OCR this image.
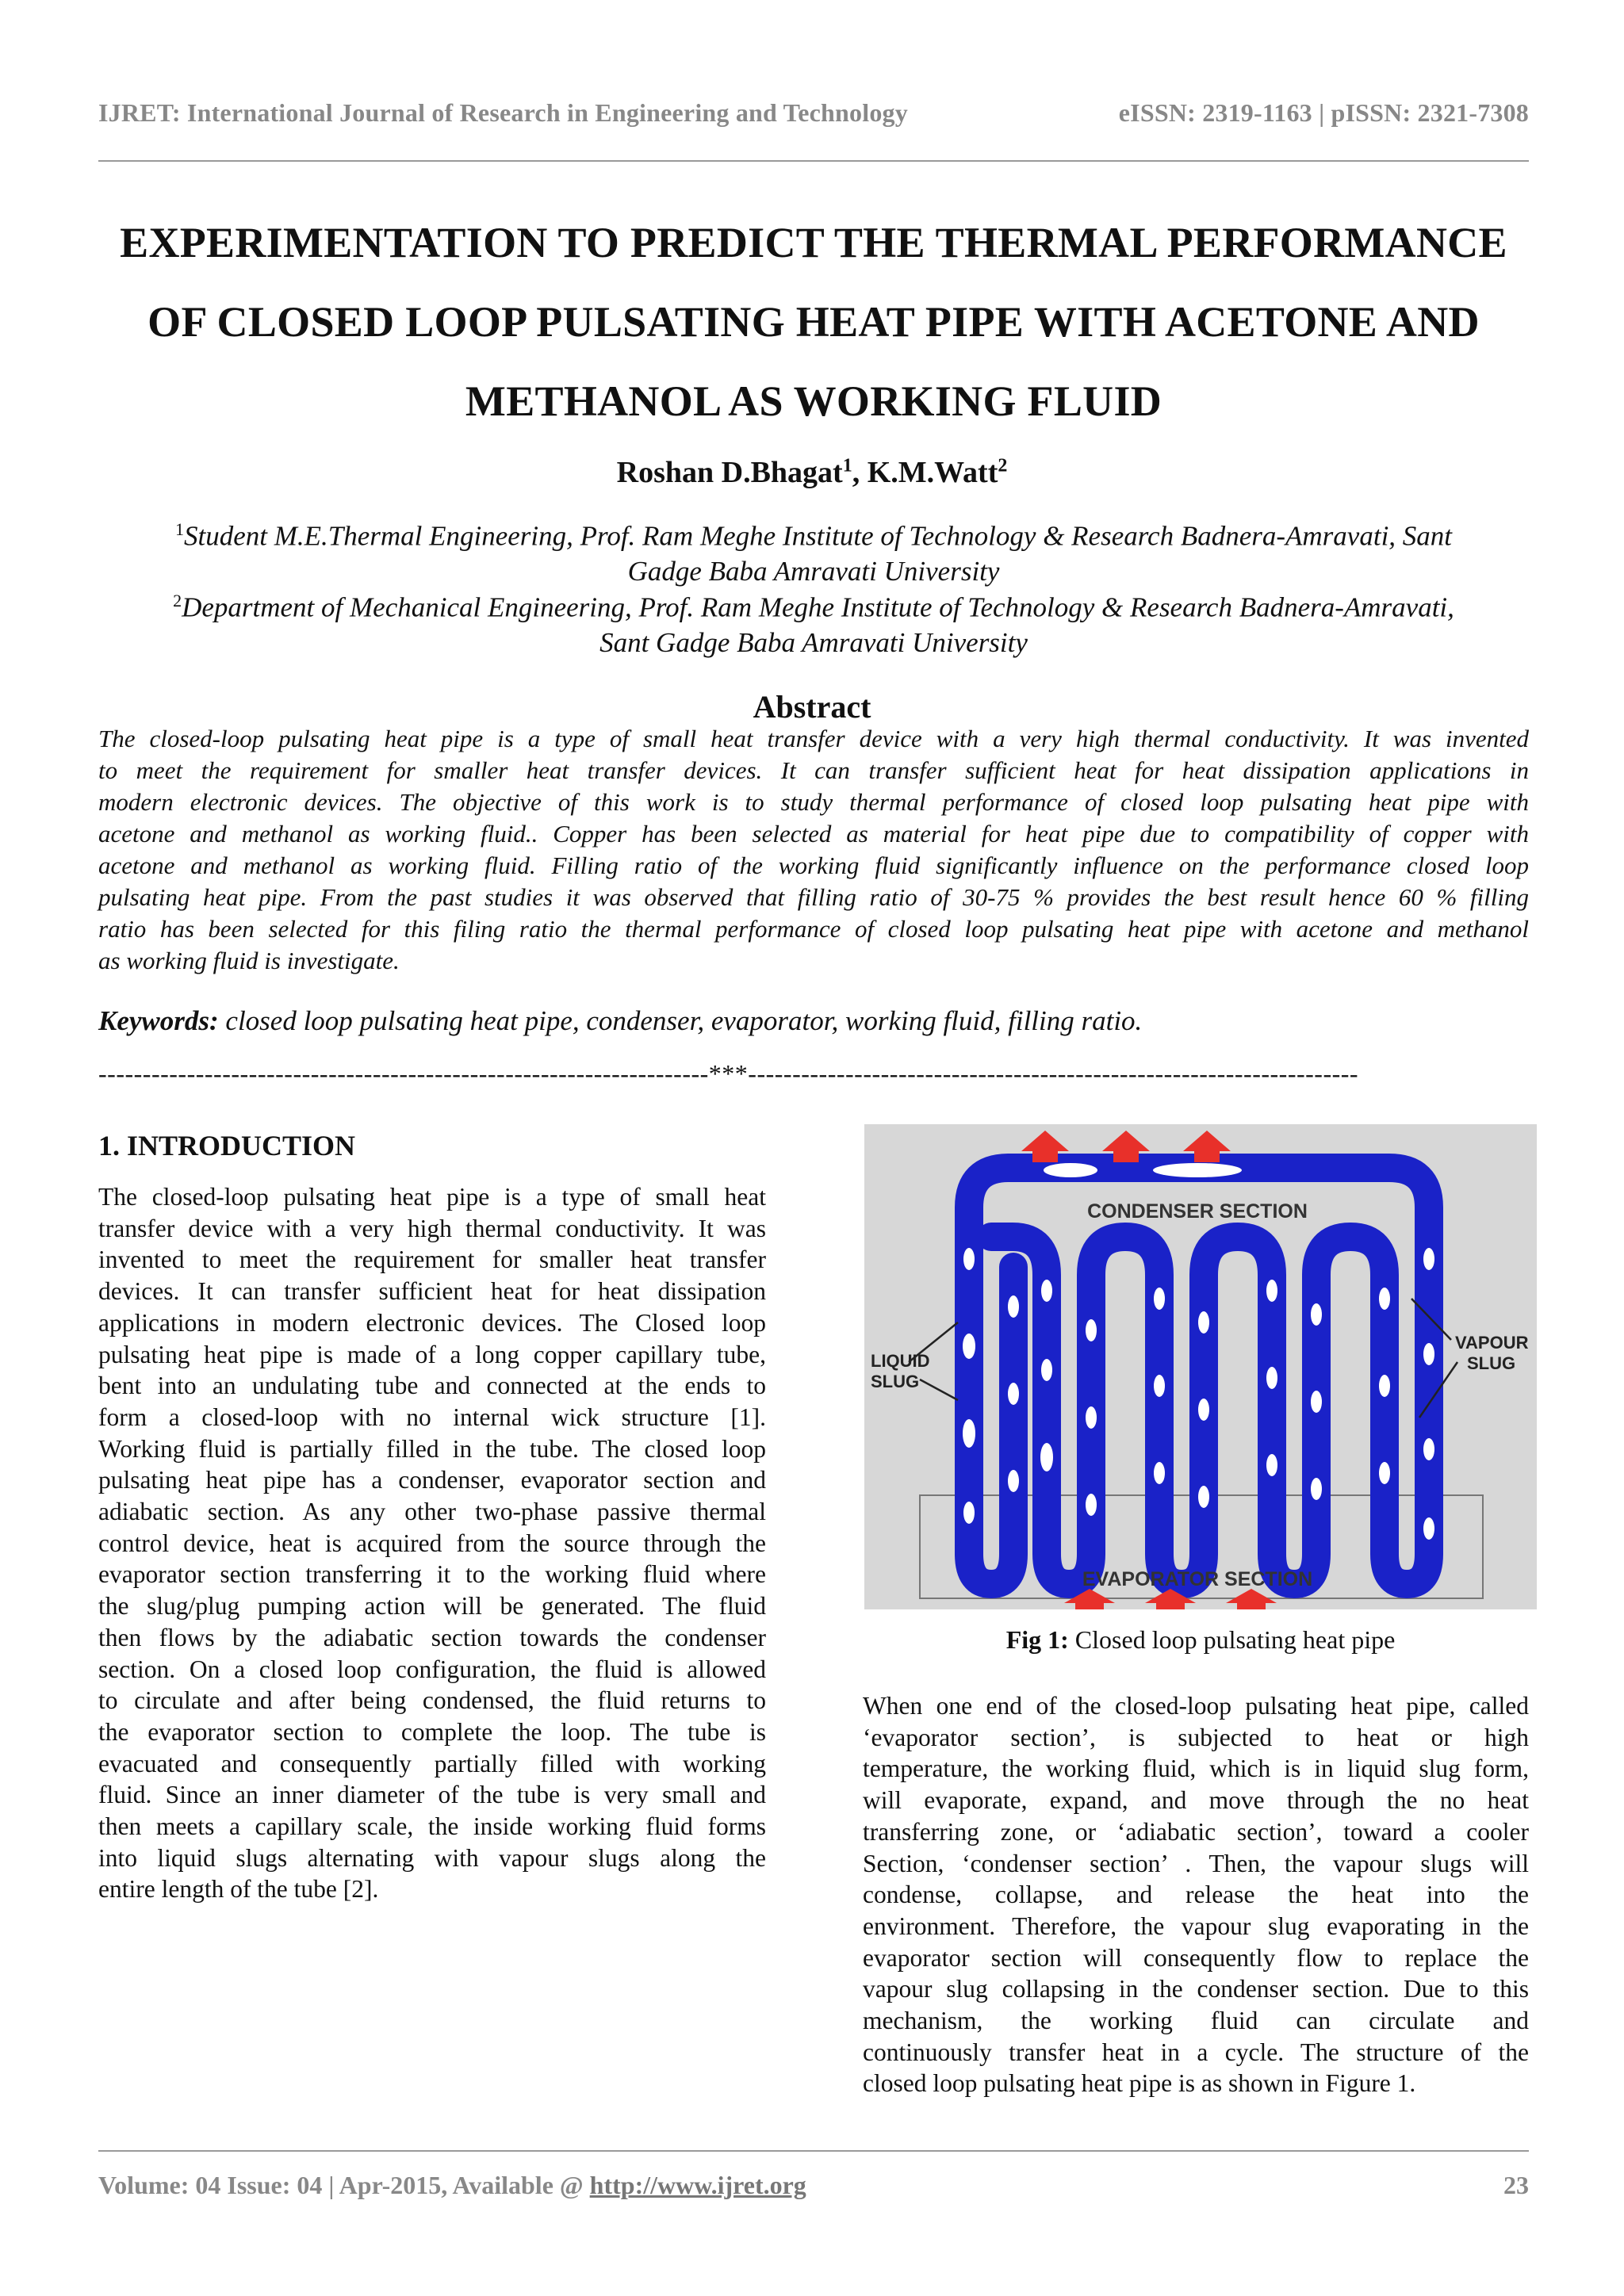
IJRET: International Journal of Research in Engineering and Technology	eISSN: 2319-1163 | pISSN: 2321-7308
EXPERIMENTATION TO PREDICT THE THERMAL PERFORMANCE
OF CLOSED LOOP PULSATING HEAT PIPE WITH ACETONE AND
METHANOL AS WORKING FLUID
Roshan D.Bhagat$^1$, K.M.Watt$^2$
$^1$Student M.E.Thermal Engineering, Prof. Ram Meghe Institute of Technology & Research Badnera-Amravati, Sant
Gadge Baba Amravati University
$^2$Department of Mechanical Engineering, Prof. Ram Meghe Institute of Technology & Research Badnera-Amravati,
Sant Gadge Baba Amravati University
Abstract
The closed-loop pulsating heat pipe is a type of small heat transfer device with a very high thermal conductivity. It was invented
to meet the requirement for smaller heat transfer devices. It can transfer sufficient heat for heat dissipation applications in
modern electronic devices. The objective of this work is to study thermal performance of closed loop pulsating heat pipe with
acetone and methanol as working fluid.. Copper has been selected as material for heat pipe due to compatibility of copper with
acetone and methanol as working fluid. Filling ratio of the working fluid significantly influence on the performance closed loop
pulsating heat pipe. From the past studies it was observed that filling ratio of 30-75 % provides the best result hence 60 % filling
ratio has been selected for this filing ratio the thermal performance of closed loop pulsating heat pipe with acetone and methanol
as working fluid is investigate.
Keywords: closed loop pulsating heat pipe, condenser, evaporator, working fluid, filling ratio.
---------------------------------------------------------------------***---------------------------------------------------------------------
1. INTRODUCTION
The closed-loop pulsating heat pipe is a type of small heat
transfer device with a very high thermal conductivity. It was
invented to meet the requirement for smaller heat transfer
devices. It can transfer sufficient heat for heat dissipation
applications in modern electronic devices. The Closed loop
pulsating heat pipe is made of a long copper capillary tube,
bent into an undulating tube and connected at the ends to
form a closed-loop with no internal wick structure [1].
Working fluid is partially filled in the tube. The closed loop
pulsating heat pipe has a condenser, evaporator section and
adiabatic section. As any other two-phase passive thermal
control device, heat is acquired from the source through the
evaporator section transferring it to the working fluid where
the slug/plug pumping action will be generated. The fluid
then flows by the adiabatic section towards the condenser
section. On a closed loop configuration, the fluid is allowed
to circulate and after being condensed, the fluid returns to
the evaporator section to complete the loop. The tube is
evacuated and consequently partially filled with working
fluid. Since an inner diameter of the tube is very small and
then meets a capillary scale, the inside working fluid forms
into liquid slugs alternating with vapour slugs along the
entire length of the tube [2].
CONDENSER SECTION
EVAPORATOR SECTION
LIQUID
SLUG
VAPOUR
SLUG
Fig 1: Closed loop pulsating heat pipe
When one end of the closed-loop pulsating heat pipe, called
‘evaporator section’, is subjected to heat or high
temperature, the working fluid, which is in liquid slug form,
will evaporate, expand, and move through the no heat
transferring zone, or ‘adiabatic section’, toward a cooler
Section, ‘condenser section’ . Then, the vapour slugs will
condense, collapse, and release the heat into the
environment. Therefore, the vapour slug evaporating in the
evaporator section will consequently flow to replace the
vapour slug collapsing in the condenser section. Due to this
mechanism, the working fluid can circulate and
continuously transfer heat in a cycle. The structure of the
closed loop pulsating heat pipe is as shown in Figure 1.
Volume: 04 Issue: 04 | Apr-2015, Available @ http://www.ijret.org	23
